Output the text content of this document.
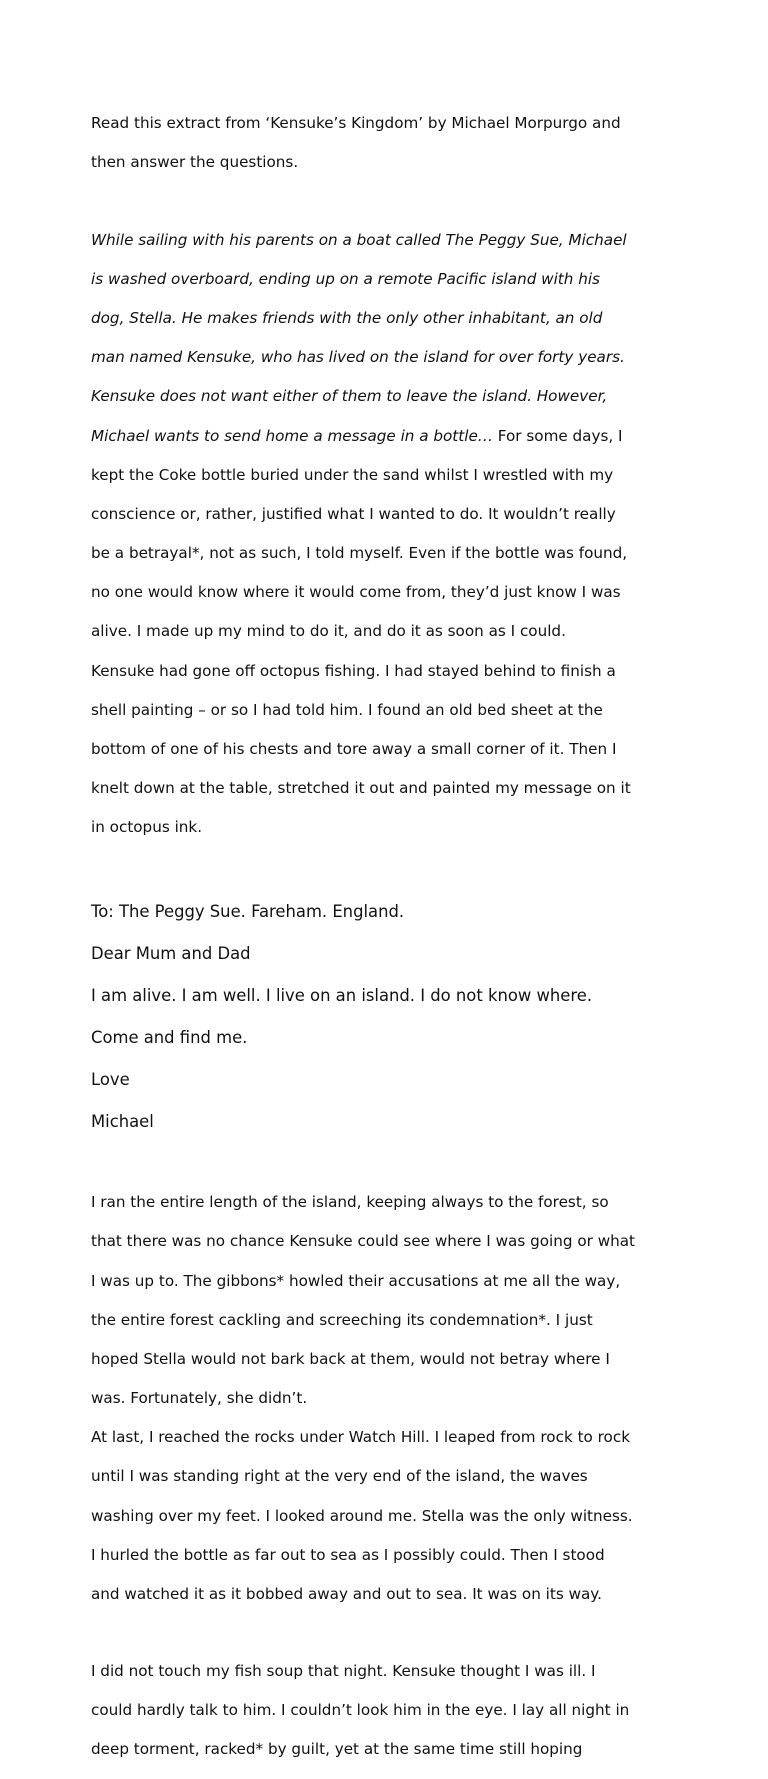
Read this extract from ‘Kensuke’s Kingdom’ by Michael Morpurgo and

then answer the questions.

While sailing with his parents on a boat called The Peggy Sue, Michael

is washed overboard, ending up on a remote Pacific island with his

dog, Stella. He makes friends with the only other inhabitant, an old

man named Kensuke, who has lived on the island for over forty years.

Kensuke does not want either of them to leave the island. However,

Michael wants to send home a message in a bottle… For some days, I

kept the Coke bottle buried under the sand whilst I wrestled with my

conscience or, rather, justified what I wanted to do. It wouldn’t really

be a betrayal*, not as such, I told myself. Even if the bottle was found,

no one would know where it would come from, they’d just know I was

alive. I made up my mind to do it, and do it as soon as I could.

Kensuke had gone off octopus fishing. I had stayed behind to finish a

shell painting – or so I had told him. I found an old bed sheet at the

bottom of one of his chests and tore away a small corner of it. Then I

knelt down at the table, stretched it out and painted my message on it

in octopus ink.

To: The Peggy Sue. Fareham. England.

Dear Mum and Dad

I am alive. I am well. I live on an island. I do not know where.

Come and find me.

Love

Michael

I ran the entire length of the island, keeping always to the forest, so

that there was no chance Kensuke could see where I was going or what

I was up to. The gibbons* howled their accusations at me all the way,

the entire forest cackling and screeching its condemnation*. I just

hoped Stella would not bark back at them, would not betray where I

was. Fortunately, she didn’t.

At last, I reached the rocks under Watch Hill. I leaped from rock to rock

until I was standing right at the very end of the island, the waves

washing over my feet. I looked around me. Stella was the only witness.

I hurled the bottle as far out to sea as I possibly could. Then I stood

and watched it as it bobbed away and out to sea. It was on its way.

I did not touch my fish soup that night. Kensuke thought I was ill. I

could hardly talk to him. I couldn’t look him in the eye. I lay all night in

deep torment, racked* by guilt, yet at the same time still hoping
